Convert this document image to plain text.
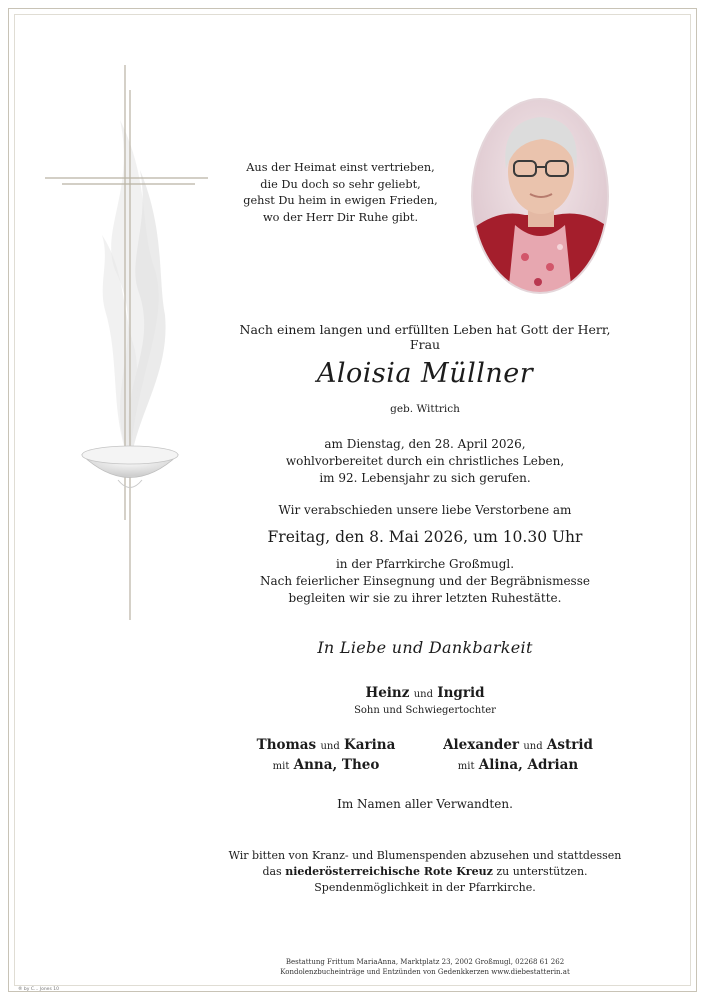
Aus der Heimat einst vertrieben,
die Du doch so sehr geliebt,
gehst Du heim in ewigen Frieden,
wo der Herr Dir Ruhe gibt.
Nach einem langen und erfüllten Leben hat Gott der Herr, Frau
Aloisia Müllner
geb. Wittrich
am Dienstag, den 28. April 2026,
wohlvorbereitet durch ein christliches Leben,
im 92. Lebensjahr zu sich gerufen.
Wir verabschieden unsere liebe Verstorbene am
Freitag, den 8. Mai 2026, um 10.30 Uhr
in der Pfarrkirche Großmugl.
Nach feierlicher Einsegnung und der Begräbnismesse
begleiten wir sie zu ihrer letzten Ruhestätte.
In Liebe und Dankbarkeit
Heinz und Ingrid
Sohn und Schwiegertochter
Thomas und Karina
mit Anna, Theo
Alexander und Astrid
mit Alina, Adrian
Im Namen aller Verwandten.
Wir bitten von Kranz- und Blumenspenden abzusehen und stattdessen
das niederösterreichische Rote Kreuz zu unterstützen.
Spendenmöglichkeit in der Pfarrkirche.
Bestattung Frittum MariaAnna, Marktplatz 23, 2002 Großmugl, 02268 61 262
Kondolenzbucheinträge und Entzünden von Gedenkkerzen www.diebestatterin.at
® by C... Jones 10
